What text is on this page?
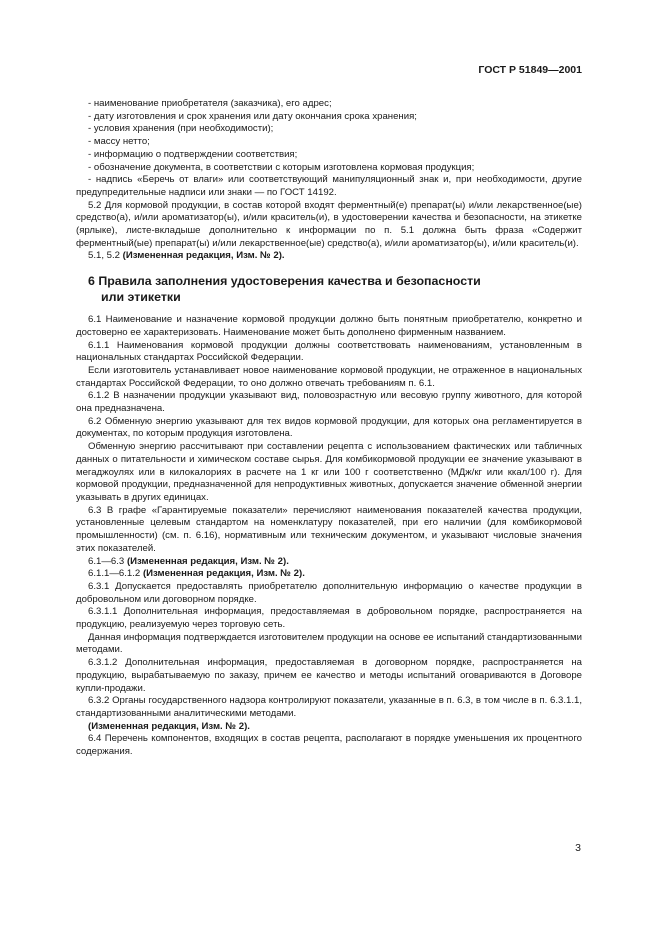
ГОСТ Р 51849—2001

- наименование приобретателя (заказчика), его адрес;

- дату изготовления и срок хранения или дату окончания срока хранения;

- условия хранения (при необходимости);

- массу нетто;

- информацию о подтверждении соответствия;

- обозначение документа, в соответствии с которым изготовлена кормовая продукция;

- надпись «Беречь от влаги» или соответствующий манипуляционный знак и, при необходимости, другие предупредительные надписи или знаки — по ГОСТ 14192.

5.2 Для кормовой продукции, в состав которой входят ферментный(е) препарат(ы) и/или лекарственное(ые) средство(а), и/или ароматизатор(ы), и/или краситель(и), в удостоверении качества и безопасности, на этикетке (ярлыке), листе-вкладыше дополнительно к информации по п. 5.1 должна быть фраза «Содержит ферментный(ые) препарат(ы) и/или лекарственное(ые) средство(а), и/или ароматизатор(ы), и/или краситель(и).

5.1, 5.2 (Измененная редакция, Изм. № 2).

6 Правила заполнения удостоверения качества и безопасности
или этикетки

6.1 Наименование и назначение кормовой продукции должно быть понятным приобретателю, конкретно и достоверно ее характеризовать. Наименование может быть дополнено фирменным названием.

6.1.1 Наименования кормовой продукции должны соответствовать наименованиям, установленным в национальных стандартах Российской Федерации.

Если изготовитель устанавливает новое наименование кормовой продукции, не отраженное в национальных стандартах Российской Федерации, то оно должно отвечать требованиям п. 6.1.

6.1.2 В назначении продукции указывают вид, половозрастную или весовую группу животного, для которой она предназначена.

6.2 Обменную энергию указывают для тех видов кормовой продукции, для которых она регламентируется в документах, по которым продукция изготовлена.

Обменную энергию рассчитывают при составлении рецепта с использованием фактических или табличных данных о питательности и химическом составе сырья. Для комбикормовой продукции ее значение указывают в мегаджоулях или в килокалориях в расчете на 1 кг или 100 г соответственно (МДж/кг или ккал/100 г). Для кормовой продукции, предназначенной для непродуктивных животных, допускается значение обменной энергии указывать в других единицах.

6.3 В графе «Гарантируемые показатели» перечисляют наименования показателей качества продукции, установленные целевым стандартом на номенклатуру показателей, при его наличии (для комбикормовой промышленности) (см. п. 6.16), нормативным или техническим документом, и указывают числовые значения этих показателей.

6.1—6.3 (Измененная редакция, Изм. № 2).

6.1.1—6.1.2 (Измененная редакция, Изм. № 2).

6.3.1 Допускается предоставлять приобретателю дополнительную информацию о качестве продукции в добровольном или договорном порядке.

6.3.1.1 Дополнительная информация, предоставляемая в добровольном порядке, распространяется на продукцию, реализуемую через торговую сеть.

Данная информация подтверждается изготовителем продукции на основе ее испытаний стандартизованными методами.

6.3.1.2 Дополнительная информация, предоставляемая в договорном порядке, распространяется на продукцию, вырабатываемую по заказу, причем ее качество и методы испытаний оговариваются в Договоре купли-продажи.

6.3.2 Органы государственного надзора контролируют показатели, указанные в п. 6.3, в том числе в п. 6.3.1.1, стандартизованными аналитическими методами.

(Измененная редакция, Изм. № 2).

6.4 Перечень компонентов, входящих в состав рецепта, располагают в порядке уменьшения их процентного содержания.

3
